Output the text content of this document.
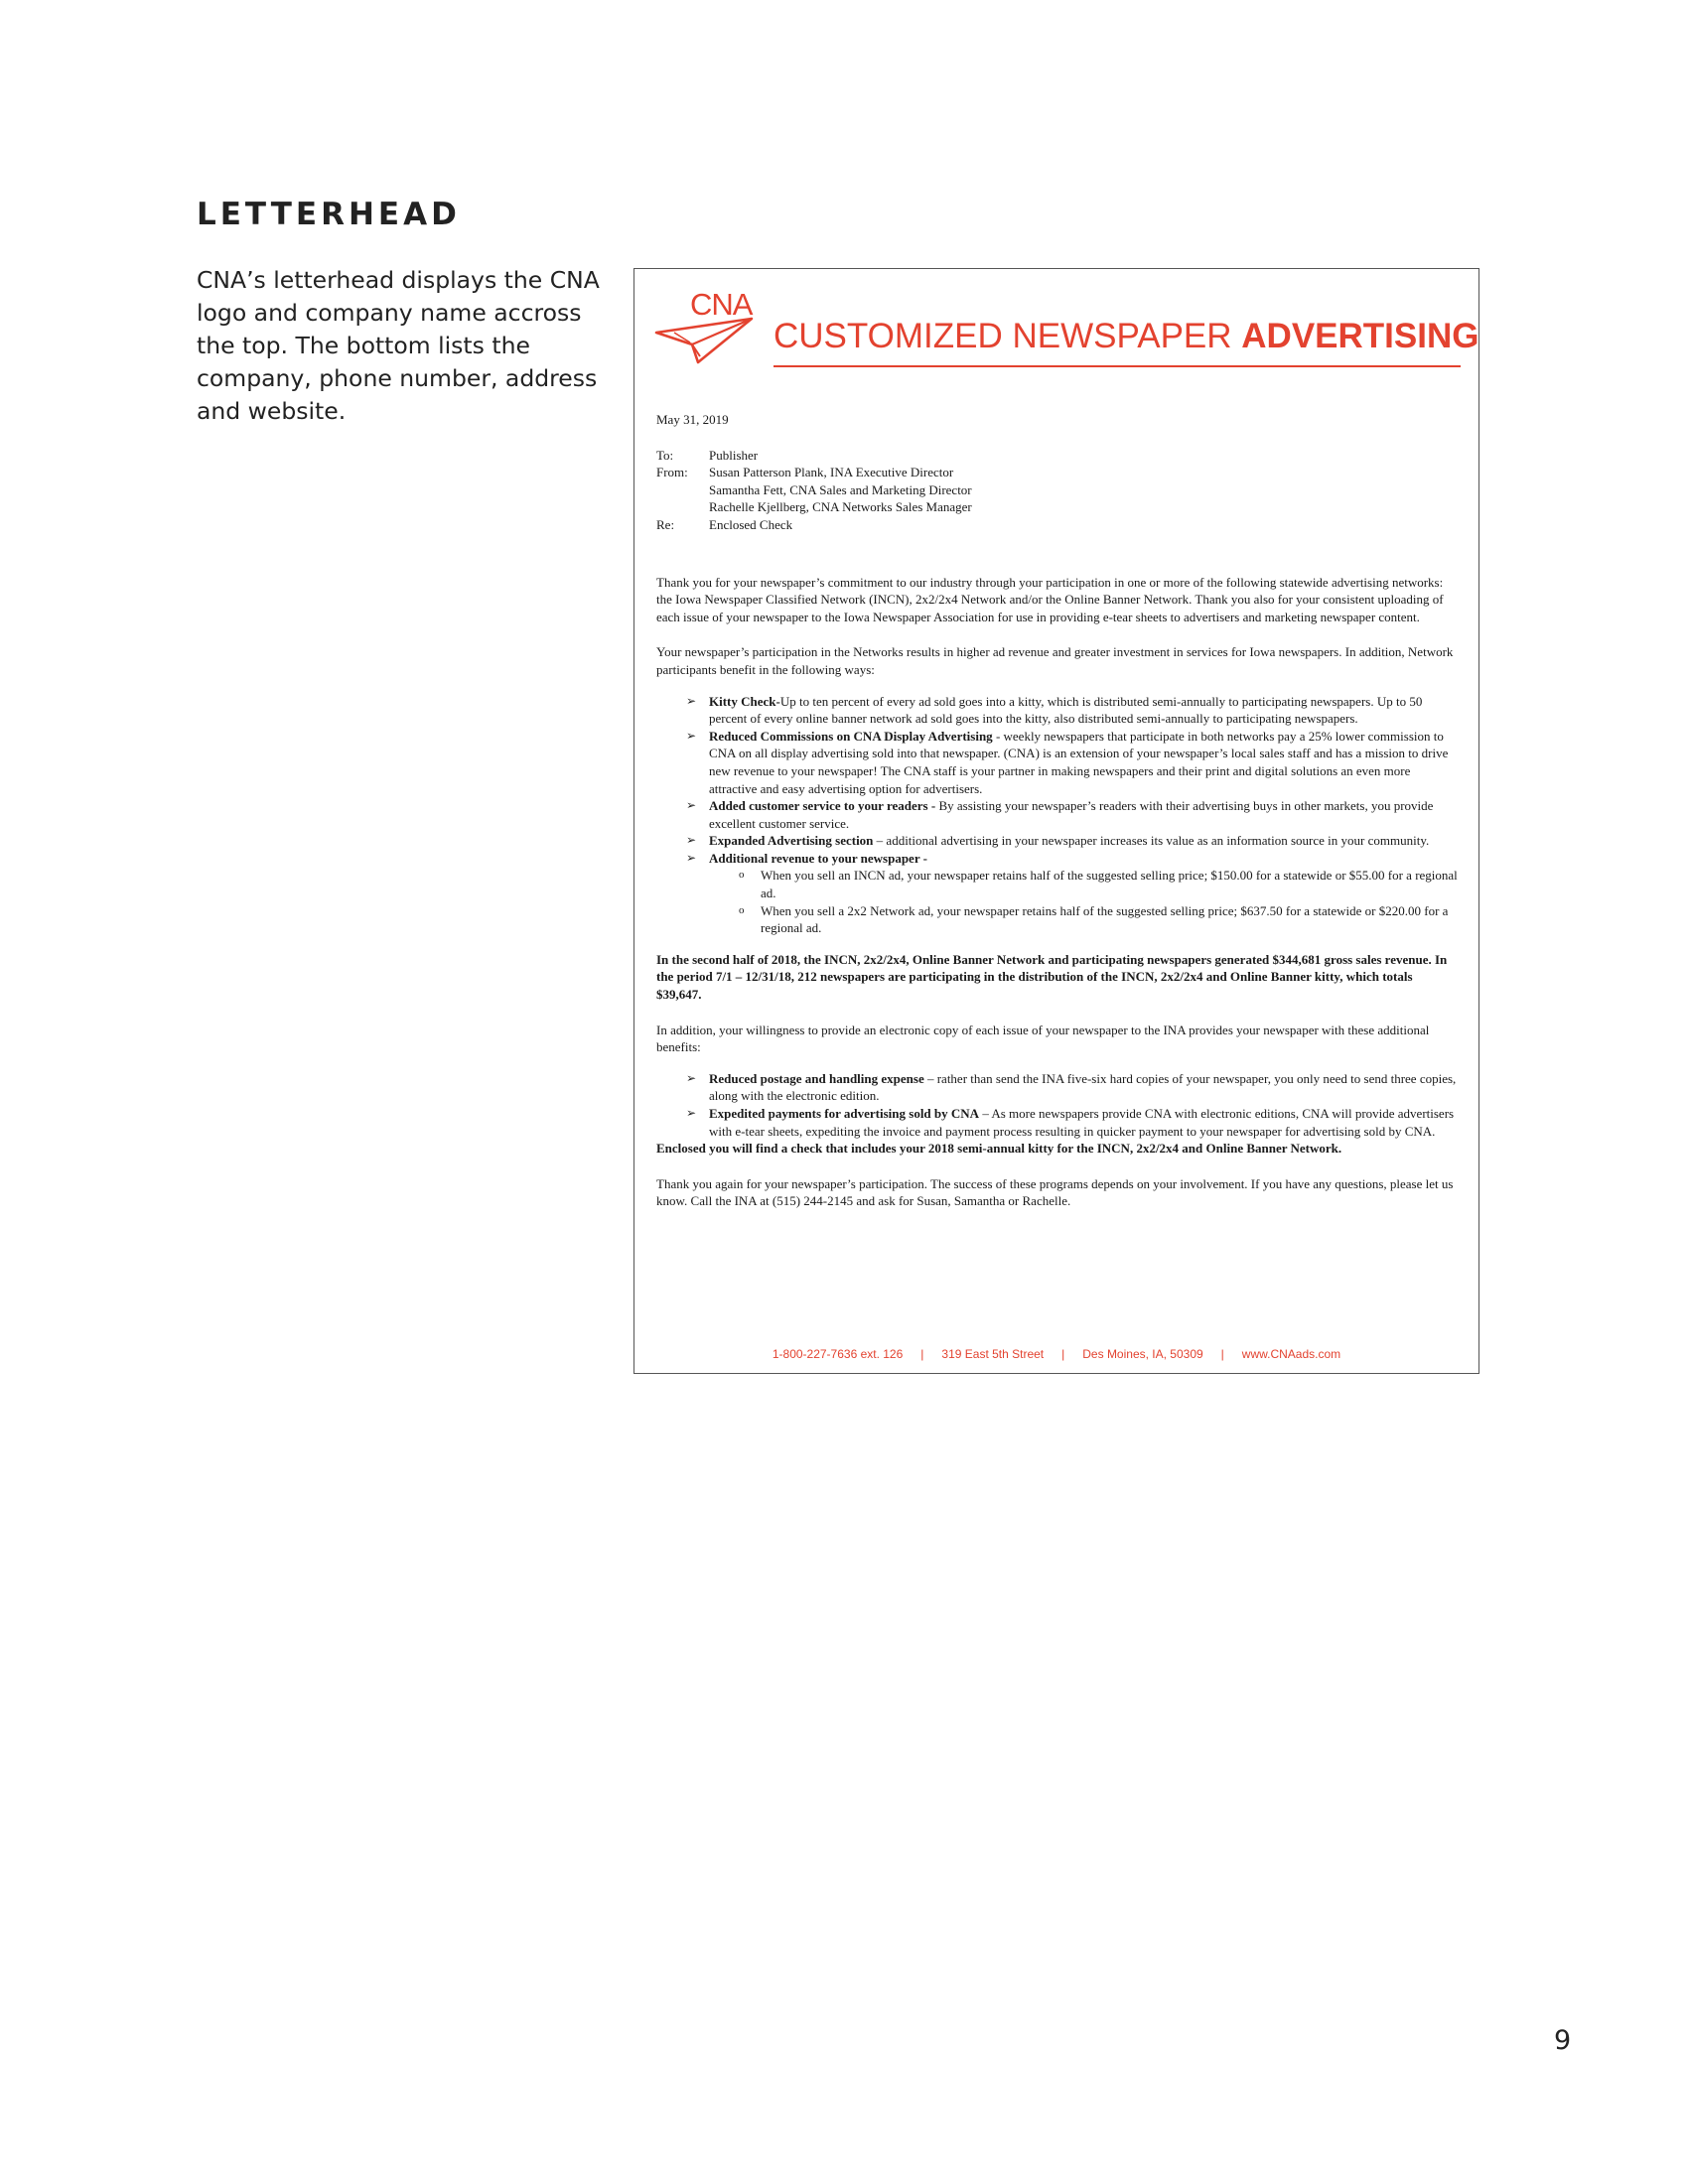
LETTERHEAD

CNA’s letterhead displays the CNA logo and company name accross the top. The bottom lists the company, phone number, address and website.

CNA

CUSTOMIZED NEWSPAPER ADVERTISING

May 31, 2019

To:	Publisher
From:	Susan Patterson Plank, INA Executive Director
Samantha Fett, CNA Sales and Marketing Director
Rachelle Kjellberg, CNA Networks Sales Manager
Re:	Enclosed Check

Thank you for your newspaper’s commitment to our industry through your participation in one or more of the following statewide advertising networks: the Iowa Newspaper Classified Network (INCN), 2x2/2x4 Network and/or the Online Banner Network. Thank you also for your consistent uploading of each issue of your newspaper to the Iowa Newspaper Association for use in providing e-tear sheets to advertisers and marketing newspaper content.

Your newspaper’s participation in the Networks results in higher ad revenue and greater investment in services for Iowa newspapers. In addition, Network participants benefit in the following ways:

➢ Kitty Check-Up to ten percent of every ad sold goes into a kitty, which is distributed semi-annually to participating newspapers. Up to 50 percent of every online banner network ad sold goes into the kitty, also distributed semi-annually to participating newspapers.
➢ Reduced Commissions on CNA Display Advertising - weekly newspapers that participate in both networks pay a 25% lower commission to CNA on all display advertising sold into that newspaper. (CNA) is an extension of your newspaper’s local sales staff and has a mission to drive new revenue to your newspaper! The CNA staff is your partner in making newspapers and their print and digital solutions an even more attractive and easy advertising option for advertisers.
➢ Added customer service to your readers - By assisting your newspaper’s readers with their advertising buys in other markets, you provide excellent customer service.
➢ Expanded Advertising section – additional advertising in your newspaper increases its value as an information source in your community.
➢ Additional revenue to your newspaper -
o When you sell an INCN ad, your newspaper retains half of the suggested selling price; $150.00 for a statewide or $55.00 for a regional ad.
o When you sell a 2x2 Network ad, your newspaper retains half of the suggested selling price; $637.50 for a statewide or $220.00 for a regional ad.

In the second half of 2018, the INCN, 2x2/2x4, Online Banner Network and participating newspapers generated $344,681 gross sales revenue. In the period 7/1 – 12/31/18, 212 newspapers are participating in the distribution of the INCN, 2x2/2x4 and Online Banner kitty, which totals $39,647.

In addition, your willingness to provide an electronic copy of each issue of your newspaper to the INA provides your newspaper with these additional benefits:

➢ Reduced postage and handling expense – rather than send the INA five-six hard copies of your newspaper, you only need to send three copies, along with the electronic edition.
➢ Expedited payments for advertising sold by CNA – As more newspapers provide CNA with electronic editions, CNA will provide advertisers with e-tear sheets, expediting the invoice and payment process resulting in quicker payment to your newspaper for advertising sold by CNA.

Enclosed you will find a check that includes your 2018 semi-annual kitty for the INCN, 2x2/2x4 and Online Banner Network.

Thank you again for your newspaper’s participation. The success of these programs depends on your involvement. If you have any questions, please let us know. Call the INA at (515) 244-2145 and ask for Susan, Samantha or Rachelle.

1-800-227-7636 ext. 126 | 319 East 5th Street | Des Moines, IA, 50309 | www.CNAads.com
9
